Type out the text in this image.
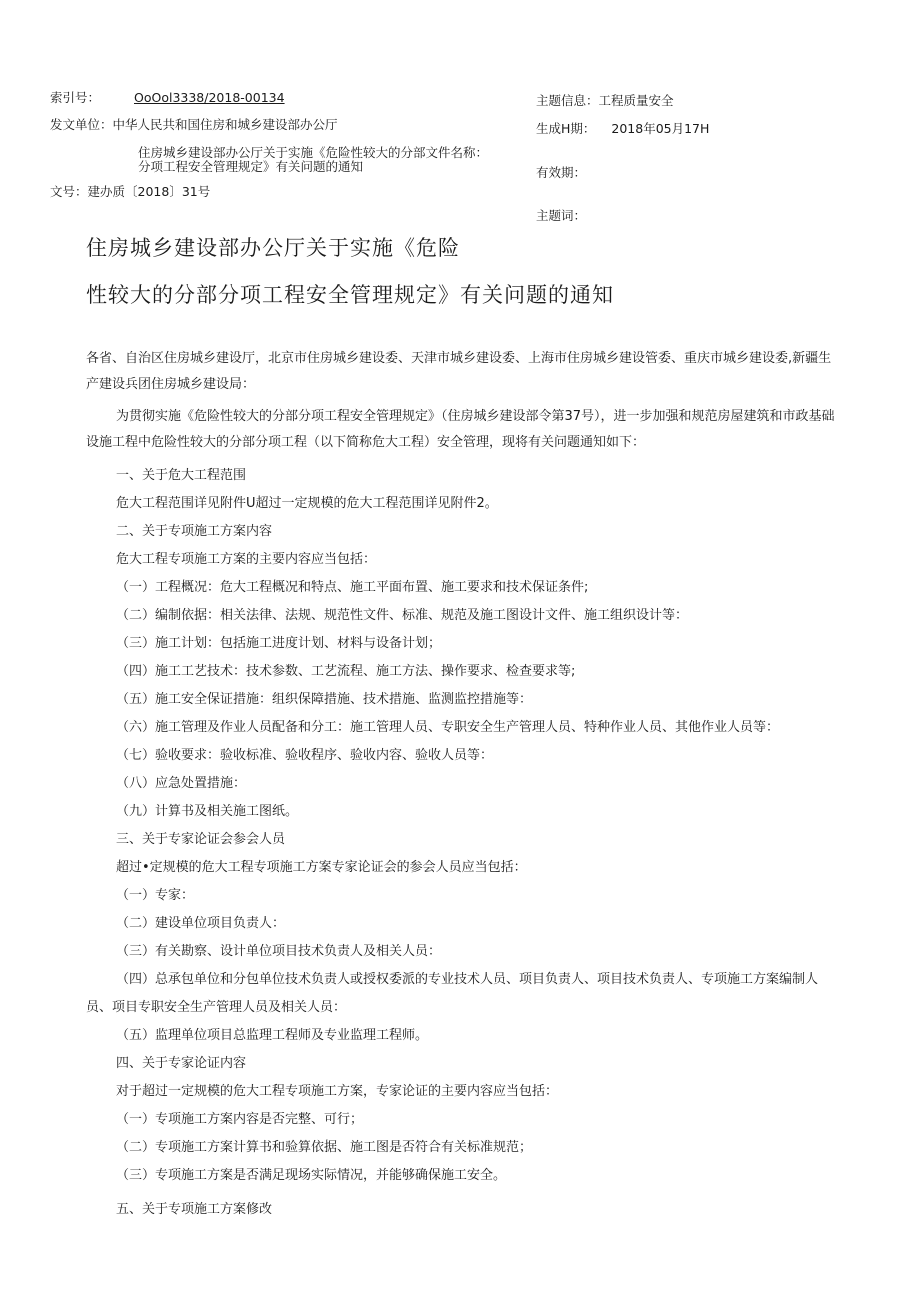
索引号：	OoOol3338/2018-00134
发文单位：中华人民共和国住房和城乡建设部办公厅
住房城乡建设部办公厅关于实施《危险性较大的分部文件名称：
分项工程安全管理规定》有关问题的通知
文号：建办质〔2018〕31号
主题信息：工程质量安全
生成H期： 2018年05月17H
有效期：
主题词：
住房城乡建设部办公厅关于实施《危险
性较大的分部分项工程安全管理规定》有关问题的通知

各省、自治区住房城乡建设厅，北京市住房城乡建设委、天津市城乡建设委、上海市住房城乡建设管委、重庆市城乡建设委,新疆生产建设兵团住房城乡建设局：

为贯彻实施《危险性较大的分部分项工程安全管理规定》（住房城乡建设部令第37号），进一步加强和规范房屋建筑和市政基础设施工程中危险性较大的分部分项工程（以下简称危大工程）安全管理，现将有关问题通知如下：

一、关于危大工程范围

危大工程范围详见附件U超过一定规模的危大工程范围详见附件2。

二、关于专项施工方案内容

危大工程专项施工方案的主要内容应当包括：

（一）工程概况：危大工程概况和特点、施工平面布置、施工要求和技术保证条件;

（二）编制依据：相关法律、法规、规范性文件、标准、规范及施工图设计文件、施工组织设计等：

（三）施工计划：包括施工进度计划、材料与设备计划；

（四）施工工艺技术：技术参数、工艺流程、施工方法、操作要求、检查要求等;

（五）施工安全保证措施：组织保障措施、技术措施、监测监控措施等：

（六）施工管理及作业人员配备和分工：施工管理人员、专职安全生产管理人员、特种作业人员、其他作业人员等：

（七）验收要求：验收标准、验收程序、验收内容、验收人员等：

（八）应急处置措施：

（九）计算书及相关施工图纸。

三、关于专家论证会参会人员

超过•定规模的危大工程专项施工方案专家论证会的参会人员应当包括：

（一）专家：

（二）建设单位项目负责人：

（三）有关勘察、设计单位项目技术负责人及相关人员：

（四）总承包单位和分包单位技术负责人或授权委派的专业技术人员、项目负责人、项目技术负责人、专项施工方案编制人员、项目专职安全生产管理人员及相关人员：

（五）监理单位项目总监理工程师及专业监理工程师。

四、关于专家论证内容

对于超过一定规模的危大工程专项施工方案，专家论证的主要内容应当包括：

（一）专项施工方案内容是否完整、可行；

（二）专项施工方案计算书和验算依据、施工图是否符合有关标准规范；

（三）专项施工方案是否满足现场实际情况，并能够确保施工安全。

五、关于专项施工方案修改
